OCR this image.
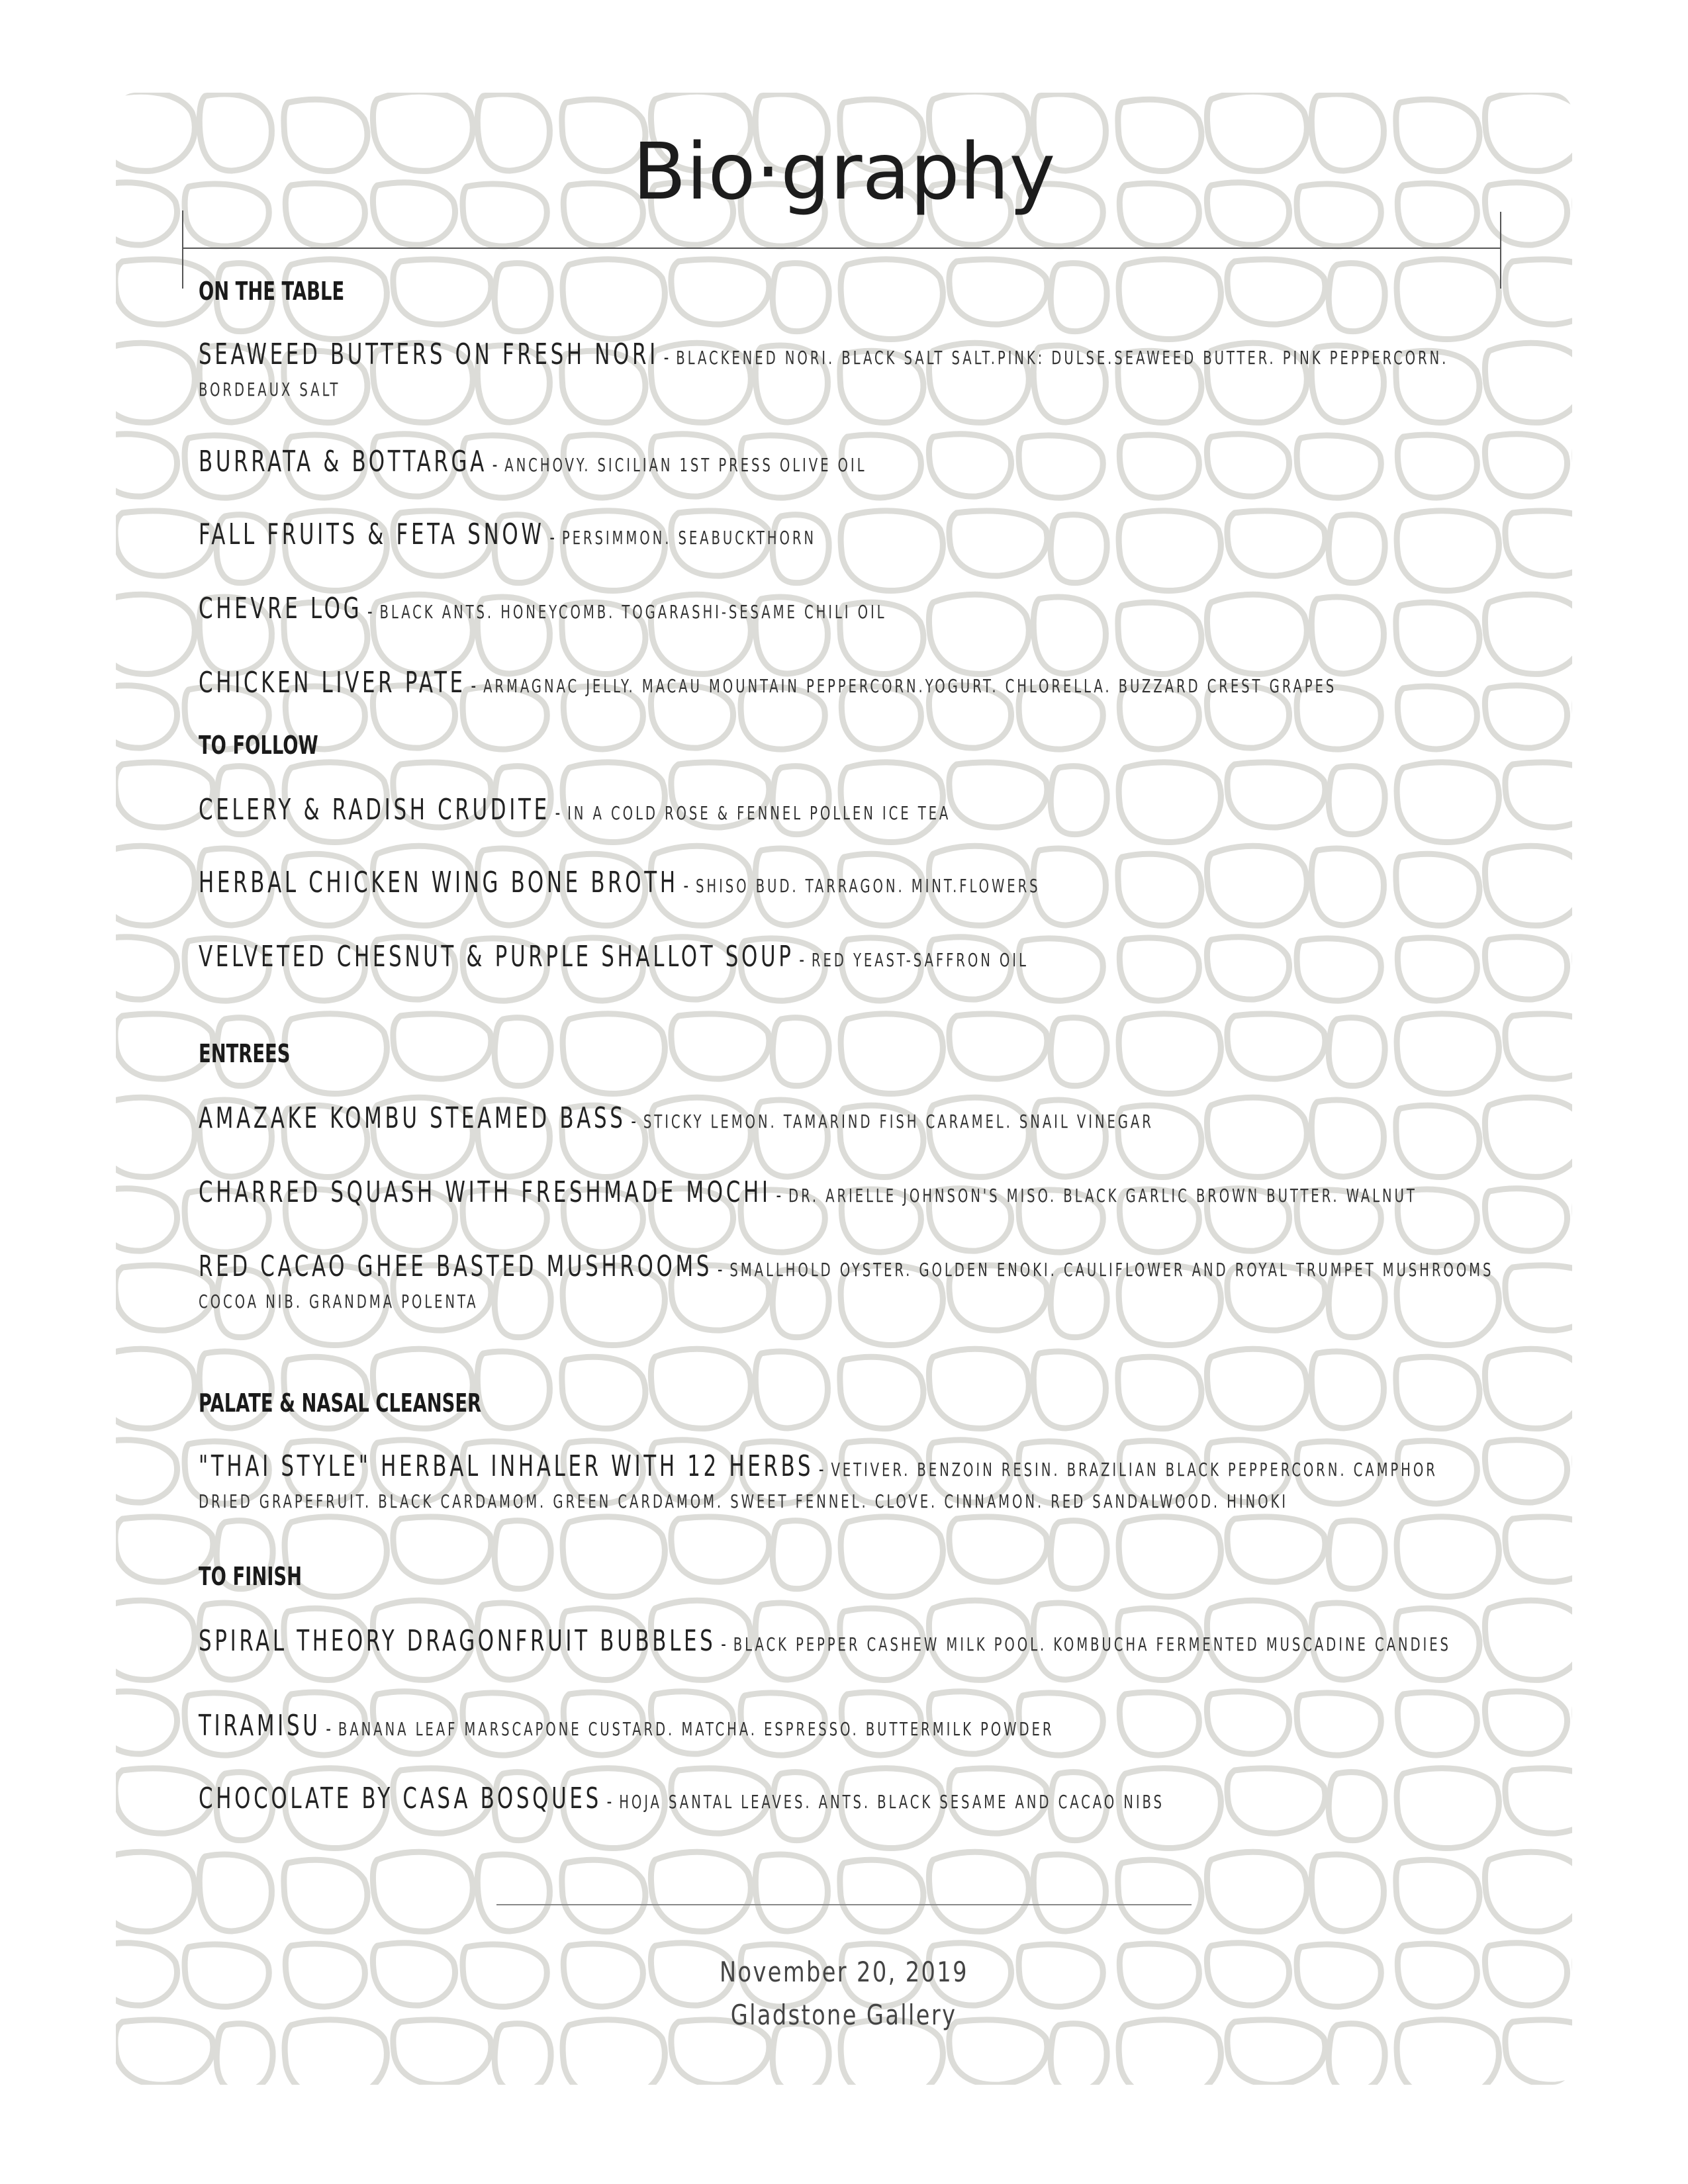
Bio·graphy
ON THE TABLE
SEAWEED BUTTERS ON FRESH NORI - BLACKENED NORI. BLACK SALT SALT.PINK: DULSE.SEAWEED BUTTER. PINK PEPPERCORN.
BORDEAUX SALT
BURRATA & BOTTARGA - ANCHOVY. SICILIAN 1ST PRESS OLIVE OIL
FALL FRUITS & FETA SNOW - PERSIMMON. SEABUCKTHORN
CHEVRE LOG - BLACK ANTS. HONEYCOMB. TOGARASHI-SESAME CHILI OIL
CHICKEN LIVER PATE - ARMAGNAC JELLY. MACAU MOUNTAIN PEPPERCORN.YOGURT. CHLORELLA. BUZZARD CREST GRAPES
TO FOLLOW
CELERY & RADISH CRUDITE - IN A COLD ROSE & FENNEL POLLEN ICE TEA
HERBAL CHICKEN WING BONE BROTH - SHISO BUD. TARRAGON. MINT.FLOWERS
VELVETED CHESNUT & PURPLE SHALLOT SOUP - RED YEAST-SAFFRON OIL
ENTREES
AMAZAKE KOMBU STEAMED BASS - STICKY LEMON. TAMARIND FISH CARAMEL. SNAIL VINEGAR
CHARRED SQUASH WITH FRESHMADE MOCHI - DR. ARIELLE JOHNSON'S MISO. BLACK GARLIC BROWN BUTTER. WALNUT
RED CACAO GHEE BASTED MUSHROOMS - SMALLHOLD OYSTER. GOLDEN ENOKI. CAULIFLOWER AND ROYAL TRUMPET MUSHROOMS
COCOA NIB. GRANDMA POLENTA
PALATE & NASAL CLEANSER
"THAI STYLE" HERBAL INHALER WITH 12 HERBS - VETIVER. BENZOIN RESIN. BRAZILIAN BLACK PEPPERCORN. CAMPHOR
DRIED GRAPEFRUIT. BLACK CARDAMOM. GREEN CARDAMOM. SWEET FENNEL. CLOVE. CINNAMON. RED SANDALWOOD. HINOKI
TO FINISH
SPIRAL THEORY DRAGONFRUIT BUBBLES - BLACK PEPPER CASHEW MILK POOL. KOMBUCHA FERMENTED MUSCADINE CANDIES
TIRAMISU - BANANA LEAF MARSCAPONE CUSTARD. MATCHA. ESPRESSO. BUTTERMILK POWDER
CHOCOLATE BY CASA BOSQUES - HOJA SANTAL LEAVES. ANTS. BLACK SESAME AND CACAO NIBS
November 20, 2019
Gladstone Gallery
